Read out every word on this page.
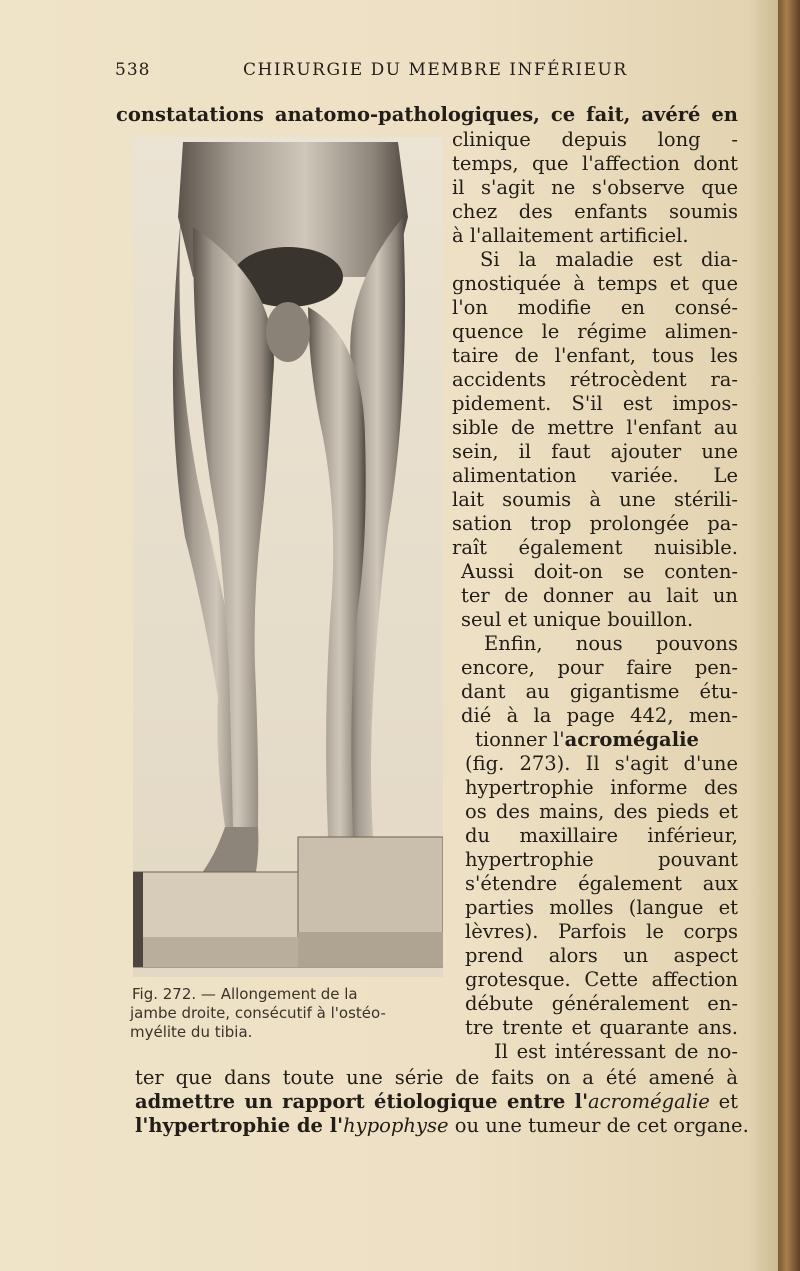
538	CHIRURGIE DU MEMBRE INFÉRIEUR
Fig. 272. — Allongement de la
jambe droite, consécutif à l'ostéo-
myélite du tibia.
constatations anatomo-pathologiques, ce fait, avéré en
clinique depuis long -
temps, que l'affection dont
il s'agit ne s'observe que
chez des enfants soumis
à l'allaitement artificiel.
Si la maladie est dia-
gnostiquée à temps et que
l'on modifie en consé-
quence le régime alimen-
taire de l'enfant, tous les
accidents rétrocèdent ra-
pidement. S'il est impos-
sible de mettre l'enfant au
sein, il faut ajouter une
alimentation variée. Le
lait soumis à une stérili-
sation trop prolongée pa-
raît également nuisible.
Aussi doit-on se conten-
ter de donner au lait un
seul et unique bouillon.
Enfin, nous pouvons
encore, pour faire pen-
dant au gigantisme étu-
dié à la page 442, men-
tionner l'acromégalie
(fig. 273). Il s'agit d'une
hypertrophie informe des
os des mains, des pieds et
du maxillaire inférieur,
hypertrophie pouvant
s'étendre également aux
parties molles (langue et
lèvres). Parfois le corps
prend alors un aspect
grotesque. Cette affection
débute généralement en-
tre trente et quarante ans.
Il est intéressant de no-
ter que dans toute une série de faits on a été amené à
admettre un rapport étiologique entre l'acromégalie et
l'hypertrophie de l'hypophyse ou une tumeur de cet organe.
